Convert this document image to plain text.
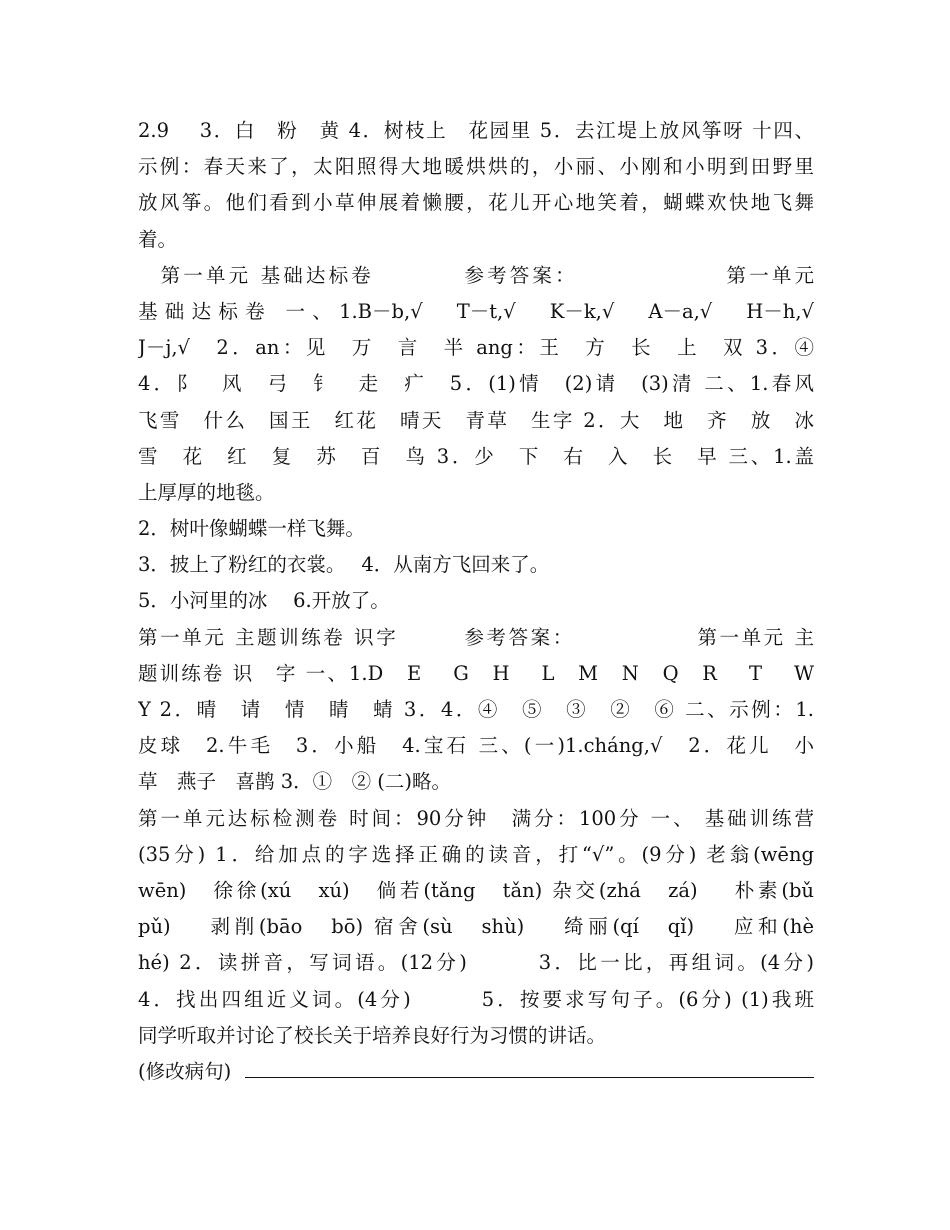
2.9　 3．白　粉　黄 4．树枝上　花园里 5．去江堤上放风筝呀 十四、
示例：春天来了，太阳照得大地暖烘烘的，小丽、小刚和小明到田野里
放风筝。他们看到小草伸展着懒腰，花儿开心地笑着，蝴蝶欢快地飞舞
着。
　第一单元 基础达标卷　　　　参考答案：　　　　　　　第一单元
基础达标卷 一、1.B－b,√　T－t,√　K－k,√　A－a,√　H－h,√
J－j,√　2．an：见　万　言　半 ang：王　方　长　上　双 3．④
4．阝　风　弓　钅　走　疒　5．(1)情　(2)请　(3)清 二、1.春风
飞雪　什么　国王　红花　晴天　青草　生字 2．大　地　齐　放　冰
雪　花　红　复　苏　百　鸟 3．少　下　右　入　长　早 三、1.盖
上厚厚的地毯。
2．树叶像蝴蝶一样飞舞。
3．披上了粉红的衣裳。　 4．从南方飞回来了。
5．小河里的冰　 6.开放了。
第一单元 主题训练卷 识字　　　参考答案：　　　　　　第一单元 主
题训练卷 识　字 一、1.D　E　 G　H　 L　M　N　Q　R　 T　 W
Y 2．晴　请　情　睛　蜻 3．4．④　⑤　③　②　⑥ 二、示例：1.
皮球　2.牛毛　3．小船　4.宝石 三、(一)1.cháng,√　2．花儿　小
草　燕子　喜鹊 3．①　② (二)略。
第一单元达标检测卷 时间：90分钟　满分：100分 一、 基础训练营
(35分) 1．给加点的字选择正确的读音，打“√”。(9分) 老翁(wēng
wēn)　徐徐(xú　xú)　倘若(tǎng　tǎn) 杂交(zhá　zá)　 朴素(bǔ
pǔ)　 剥削(bāo　bō) 宿舍(sù　shù)　 绮丽(qí　qǐ)　 应和(hè
hé) 2．读拼音，写词语。(12分)　　　3．比一比，再组词。(4分)
4．找出四组近义词。(4分)　　　5．按要求写句子。(6分) (1)我班
同学听取并讨论了校长关于培养良好行为习惯的讲话。
(修改病句)
